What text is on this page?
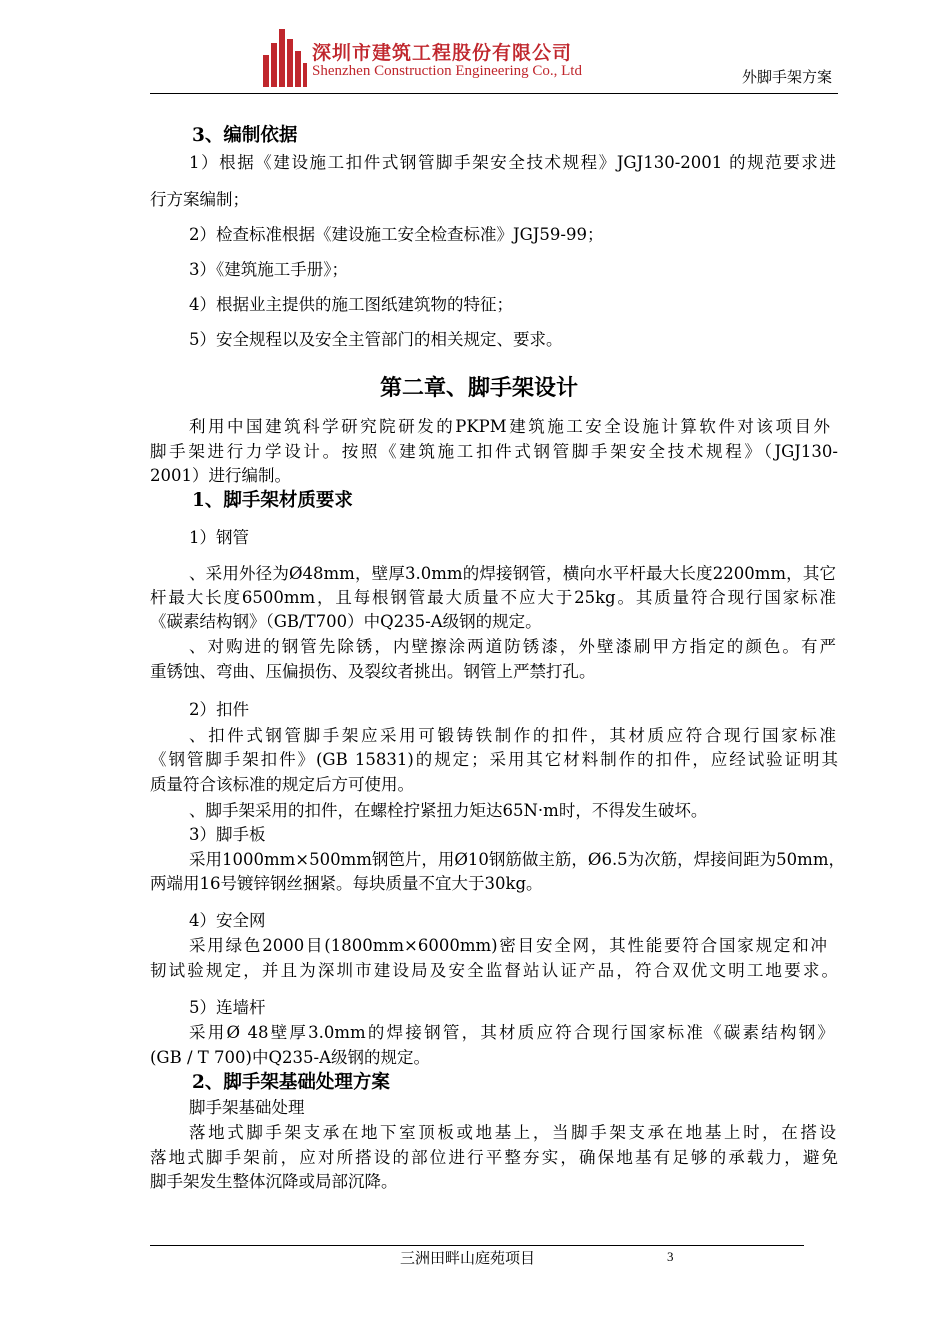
深圳市建筑工程股份有限公司
Shenzhen Construction Engineering Co., Ltd	外脚手架方案
3、编制依据
1）根据《建设施工扣件式钢管脚手架安全技术规程》JGJ130-2001 的规范要求进
行方案编制；
2）检查标准根据《建设施工安全检查标准》JGJ59-99；
3）《建筑施工手册》；
4）根据业主提供的施工图纸建筑物的特征；
5）安全规程以及安全主管部门的相关规定、要求。
第二章、脚手架设计
利用中国建筑科学研究院研发的PKPM建筑施工安全设施计算软件对该项目外
脚手架进行力学设计。按照《建筑施工扣件式钢管脚手架安全技术规程》（JGJ130-
2001）进行编制。
1、脚手架材质要求
1）钢管
、采用外径为Ø48mm，壁厚3.0mm的焊接钢管，横向水平杆最大长度2200mm，其它
杆最大长度6500mm，且每根钢管最大质量不应大于25kg。其质量符合现行国家标准
《碳素结构钢》（GB/T700）中Q235-A级钢的规定。
、对购进的钢管先除锈，内壁擦涂两道防锈漆，外壁漆刷甲方指定的颜色。有严
重锈蚀、弯曲、压偏损伤、及裂纹者挑出。钢管上严禁打孔。
2）扣件
、扣件式钢管脚手架应采用可锻铸铁制作的扣件，其材质应符合现行国家标准
《钢管脚手架扣件》(GB 15831)的规定；采用其它材料制作的扣件，应经试验证明其
质量符合该标准的规定后方可使用。
、脚手架采用的扣件，在螺栓拧紧扭力矩达65N·m时，不得发生破坏。
3）脚手板
采用1000mm×500mm钢笆片，用Ø10钢筋做主筋，Ø6.5为次筋，焊接间距为50mm，
两端用16号镀锌钢丝捆紧。每块质量不宜大于30kg。
4）安全网
采用绿色2000目(1800mm×6000mm)密目安全网，其性能要符合国家规定和冲
韧试验规定，并且为深圳市建设局及安全监督站认证产品，符合双优文明工地要求。
5）连墙杆
采用Ø 48壁厚3.0mm的焊接钢管，其材质应符合现行国家标准《碳素结构钢》
(GB / T 700)中Q235-A级钢的规定。
2、脚手架基础处理方案
脚手架基础处理
落地式脚手架支承在地下室顶板或地基上，当脚手架支承在地基上时，在搭设
落地式脚手架前，应对所搭设的部位进行平整夯实，确保地基有足够的承载力，避免
脚手架发生整体沉降或局部沉降。
三洲田畔山庭苑项目	3
